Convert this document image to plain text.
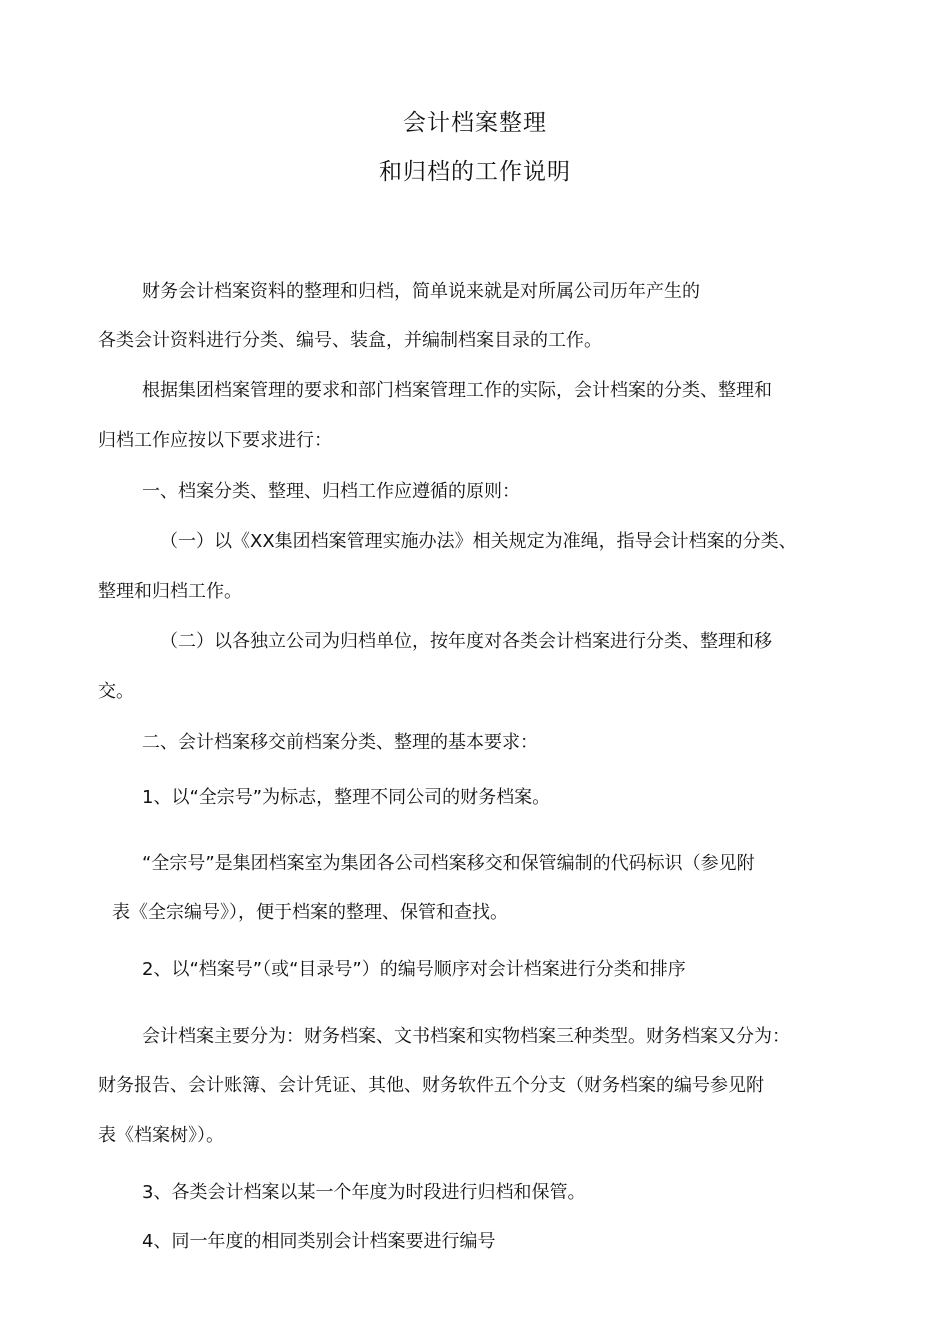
会计档案整理
和归档的工作说明
财务会计档案资料的整理和归档，简单说来就是对所属公司历年产生的
各类会计资料进行分类、编号、装盒，并编制档案目录的工作。
根据集团档案管理的要求和部门档案管理工作的实际，会计档案的分类、整理和
归档工作应按以下要求进行：
一、档案分类、整理、归档工作应遵循的原则：
（一）以《XX集团档案管理实施办法》相关规定为准绳，指导会计档案的分类、
整理和归档工作。
（二）以各独立公司为归档单位，按年度对各类会计档案进行分类、整理和移
交。
二、会计档案移交前档案分类、整理的基本要求：
1、以“全宗号”为标志，整理不同公司的财务档案。
“全宗号”是集团档案室为集团各公司档案移交和保管编制的代码标识（参见附
表《全宗编号》），便于档案的整理、保管和查找。
2、以“档案号”（或“目录号”）的编号顺序对会计档案进行分类和排序
会计档案主要分为：财务档案、文书档案和实物档案三种类型。财务档案又分为：
财务报告、会计账簿、会计凭证、其他、财务软件五个分支（财务档案的编号参见附
表《档案树》）。
3、各类会计档案以某一个年度为时段进行归档和保管。
4、同一年度的相同类别会计档案要进行编号
